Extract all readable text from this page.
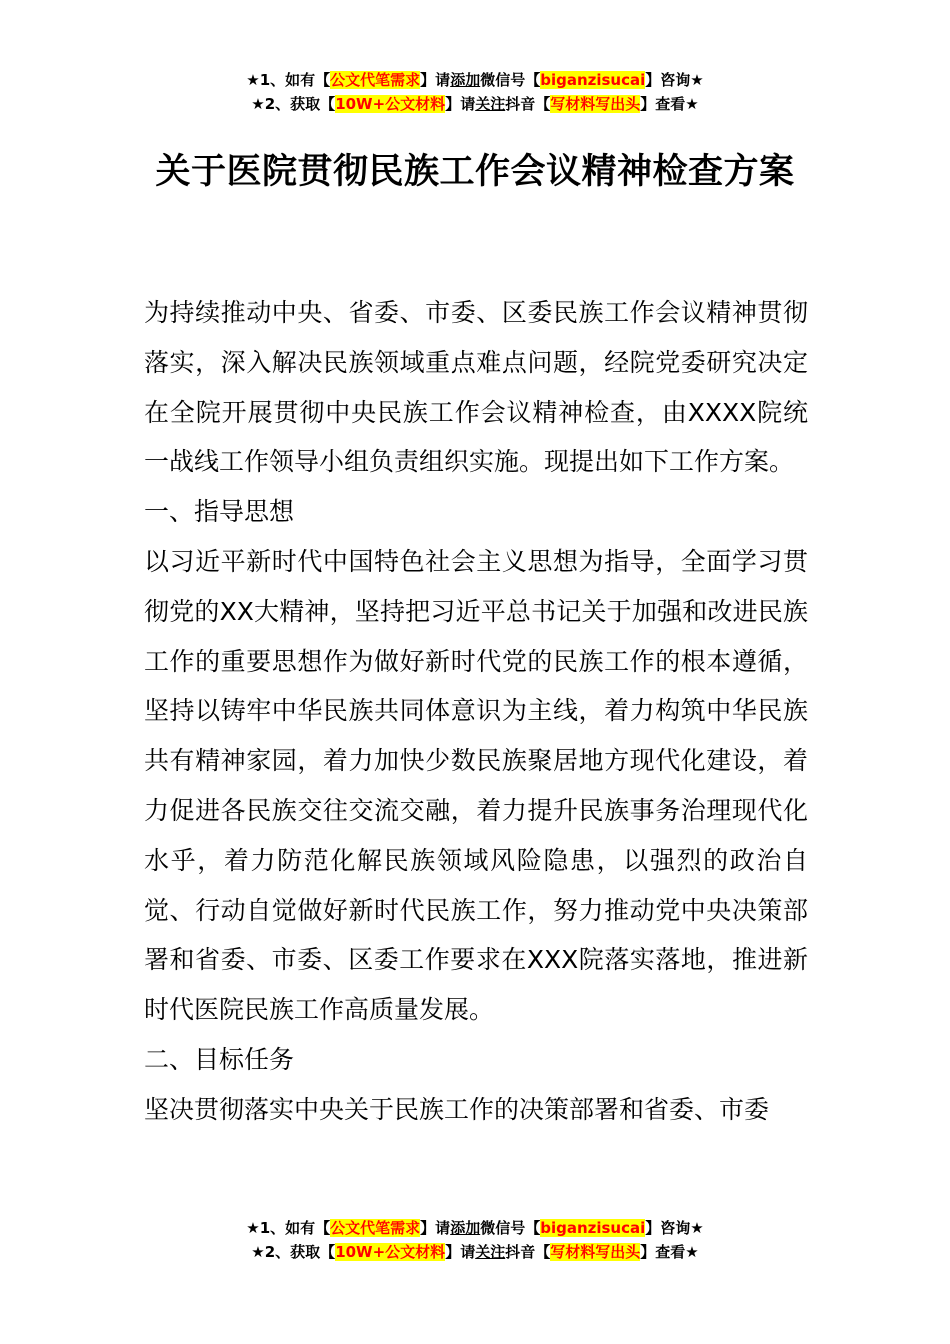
★1、如有【公文代笔需求】请添加微信号【biganzisucai】咨询★
★2、获取【10W+公文材料】请关注抖音【写材料写出头】查看★
关于医院贯彻民族工作会议精神检查方案

为持续推动中央、省委、市委、区委民族工作会议精神贯彻落实，深入解决民族领域重点难点问题，经院党委研究决定在全院开展贯彻中央民族工作会议精神检查，由XXXX院统一战线工作领导小组负责组织实施。现提出如下工作方案。

一、指导思想

以习近平新时代中国特色社会主义思想为指导，全面学习贯彻党的XX大精神，坚持把习近平总书记关于加强和改进民族工作的重要思想作为做好新时代党的民族工作的根本遵循，坚持以铸牢中华民族共同体意识为主线，着力构筑中华民族共有精神家园，着力加快少数民族聚居地方现代化建设，着力促进各民族交往交流交融，着力提升民族事务治理现代化水乎，着力防范化解民族领域风险隐患，以强烈的政治自觉、行动自觉做好新时代民族工作，努力推动党中央决策部署和省委、市委、区委工作要求在XXX院落实落地，推进新时代医院民族工作高质量发展。

二、目标任务

坚决贯彻落实中央关于民族工作的决策部署和省委、市委

★1、如有【公文代笔需求】请添加微信号【biganzisucai】咨询★
★2、获取【10W+公文材料】请关注抖音【写材料写出头】查看★
